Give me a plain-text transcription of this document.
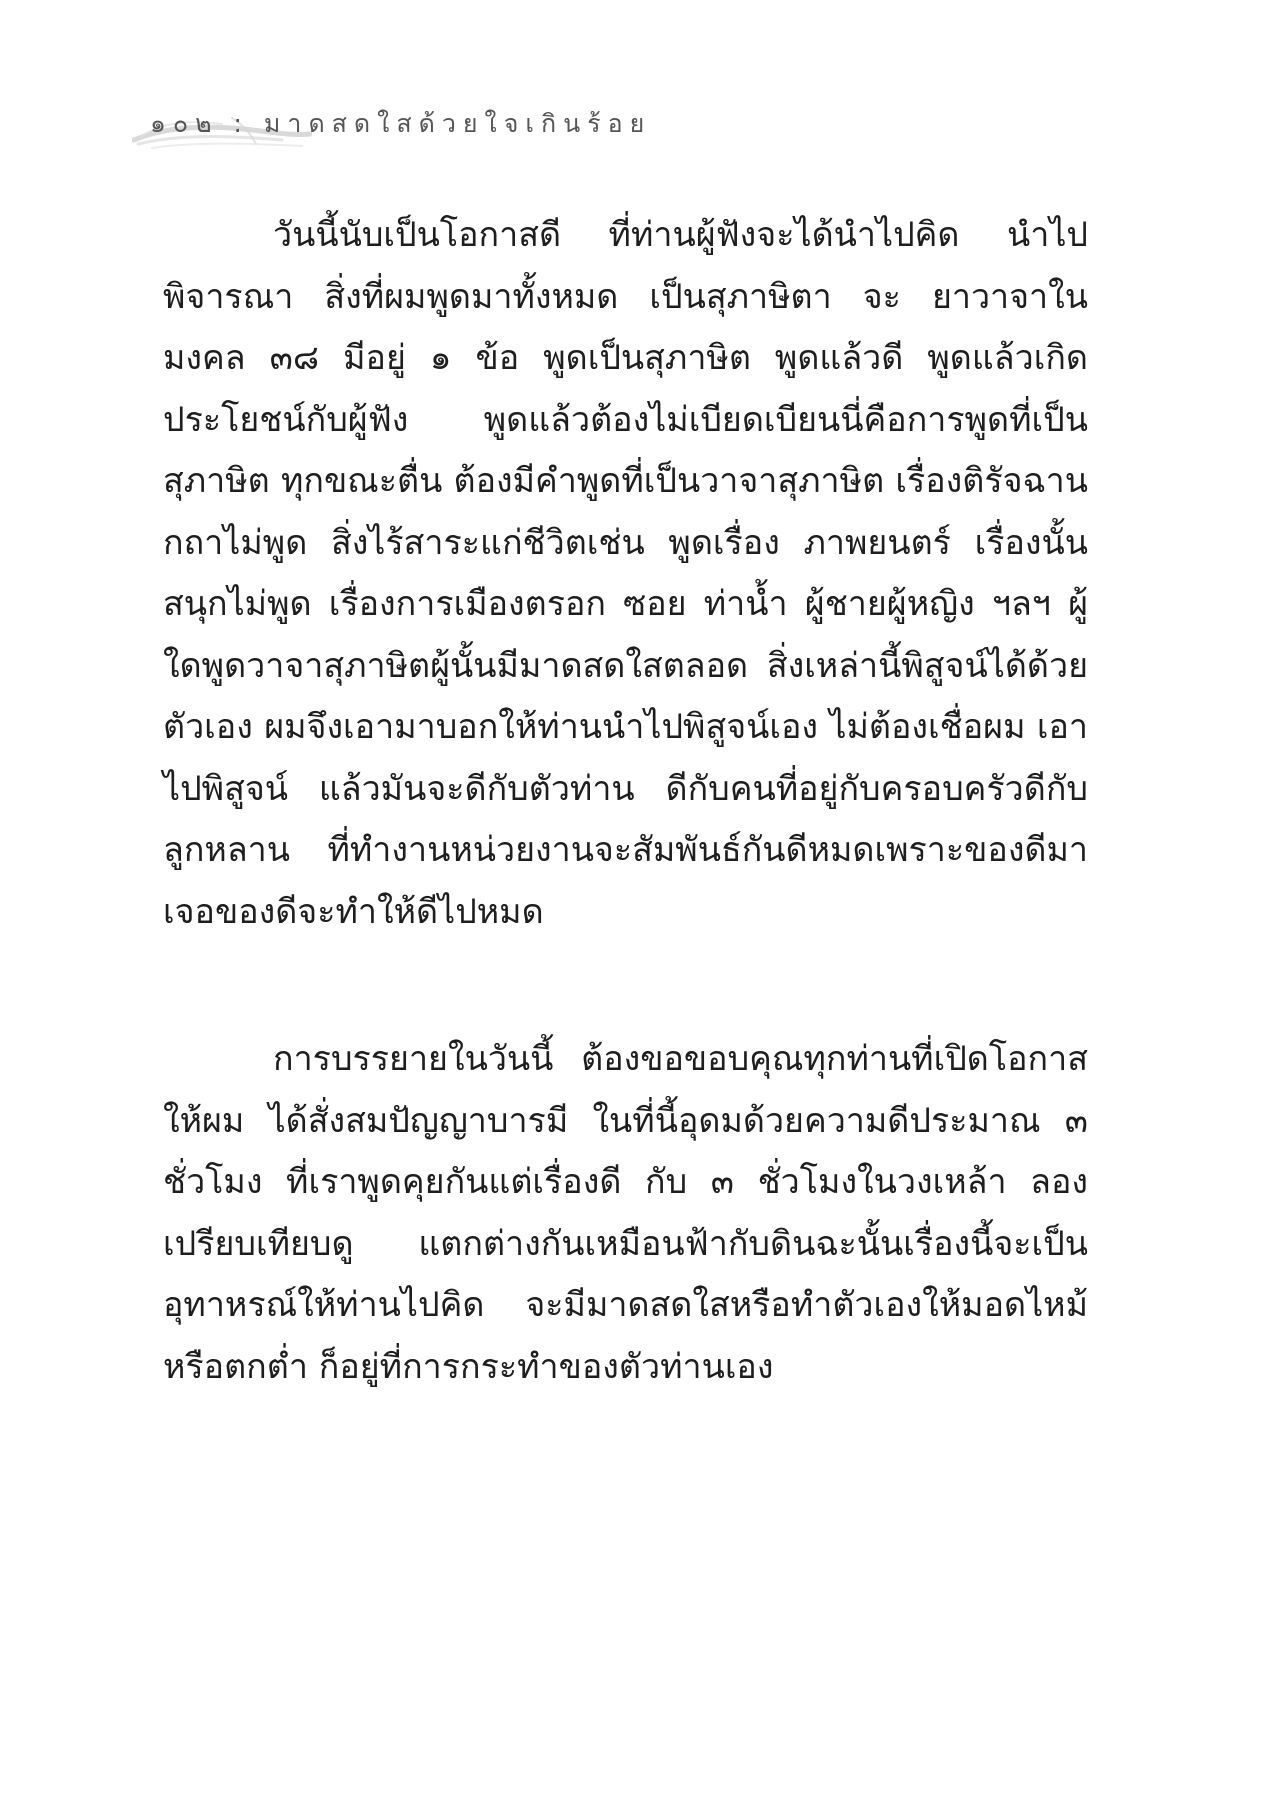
๑๐๒ : มาดสดใสด้วยใจเกินร้อย

วันนี้นับเป็นโอกาสดี ที่ท่านผู้ฟังจะได้นำไปคิด นำไปพิจารณา สิ่งที่ผมพูดมาทั้งหมด เป็นสุภาษิตา จะ ยาวาจาในมงคล ๓๘ มีอยู่ ๑ ข้อ พูดเป็นสุภาษิต พูดแล้วดี พูดแล้วเกิดประโยชน์กับผู้ฟัง พูดแล้วต้องไม่เบียดเบียนนี่คือการพูดที่เป็นสุภาษิต ทุกขณะตื่น ต้องมีคำพูดที่เป็นวาจาสุภาษิต เรื่องติรัจฉานกถาไม่พูด สิ่งไร้สาระแก่ชีวิตเช่น พูดเรื่อง ภาพยนตร์ เรื่องนั้นสนุกไม่พูด เรื่องการเมืองตรอก ซอย ท่าน้ำ ผู้ชายผู้หญิง ฯลฯ ผู้ใดพูดวาจาสุภาษิตผู้นั้นมีมาดสดใสตลอด สิ่งเหล่านี้พิสูจน์ได้ด้วยตัวเอง ผมจึงเอามาบอกให้ท่านนำไปพิสูจน์เอง ไม่ต้องเชื่อผม เอาไปพิสูจน์ แล้วมันจะดีกับตัวท่าน ดีกับคนที่อยู่กับครอบครัวดีกับลูกหลาน ที่ทำงานหน่วยงานจะสัมพันธ์กันดีหมดเพราะของดีมาเจอของดีจะทำให้ดีไปหมด

การบรรยายในวันนี้ ต้องขอขอบคุณทุกท่านที่เปิดโอกาสให้ผม ได้สั่งสมปัญญาบารมี ในที่นี้อุดมด้วยความดีประมาณ ๓ ชั่วโมง ที่เราพูดคุยกันแต่เรื่องดี กับ ๓ ชั่วโมงในวงเหล้า ลองเปรียบเทียบดู แตกต่างกันเหมือนฟ้ากับดินฉะนั้นเรื่องนี้จะเป็นอุทาหรณ์ให้ท่านไปคิด จะมีมาดสดใสหรือทำตัวเองให้มอดไหม้หรือตกต่ำ ก็อยู่ที่การกระทำของตัวท่านเอง
